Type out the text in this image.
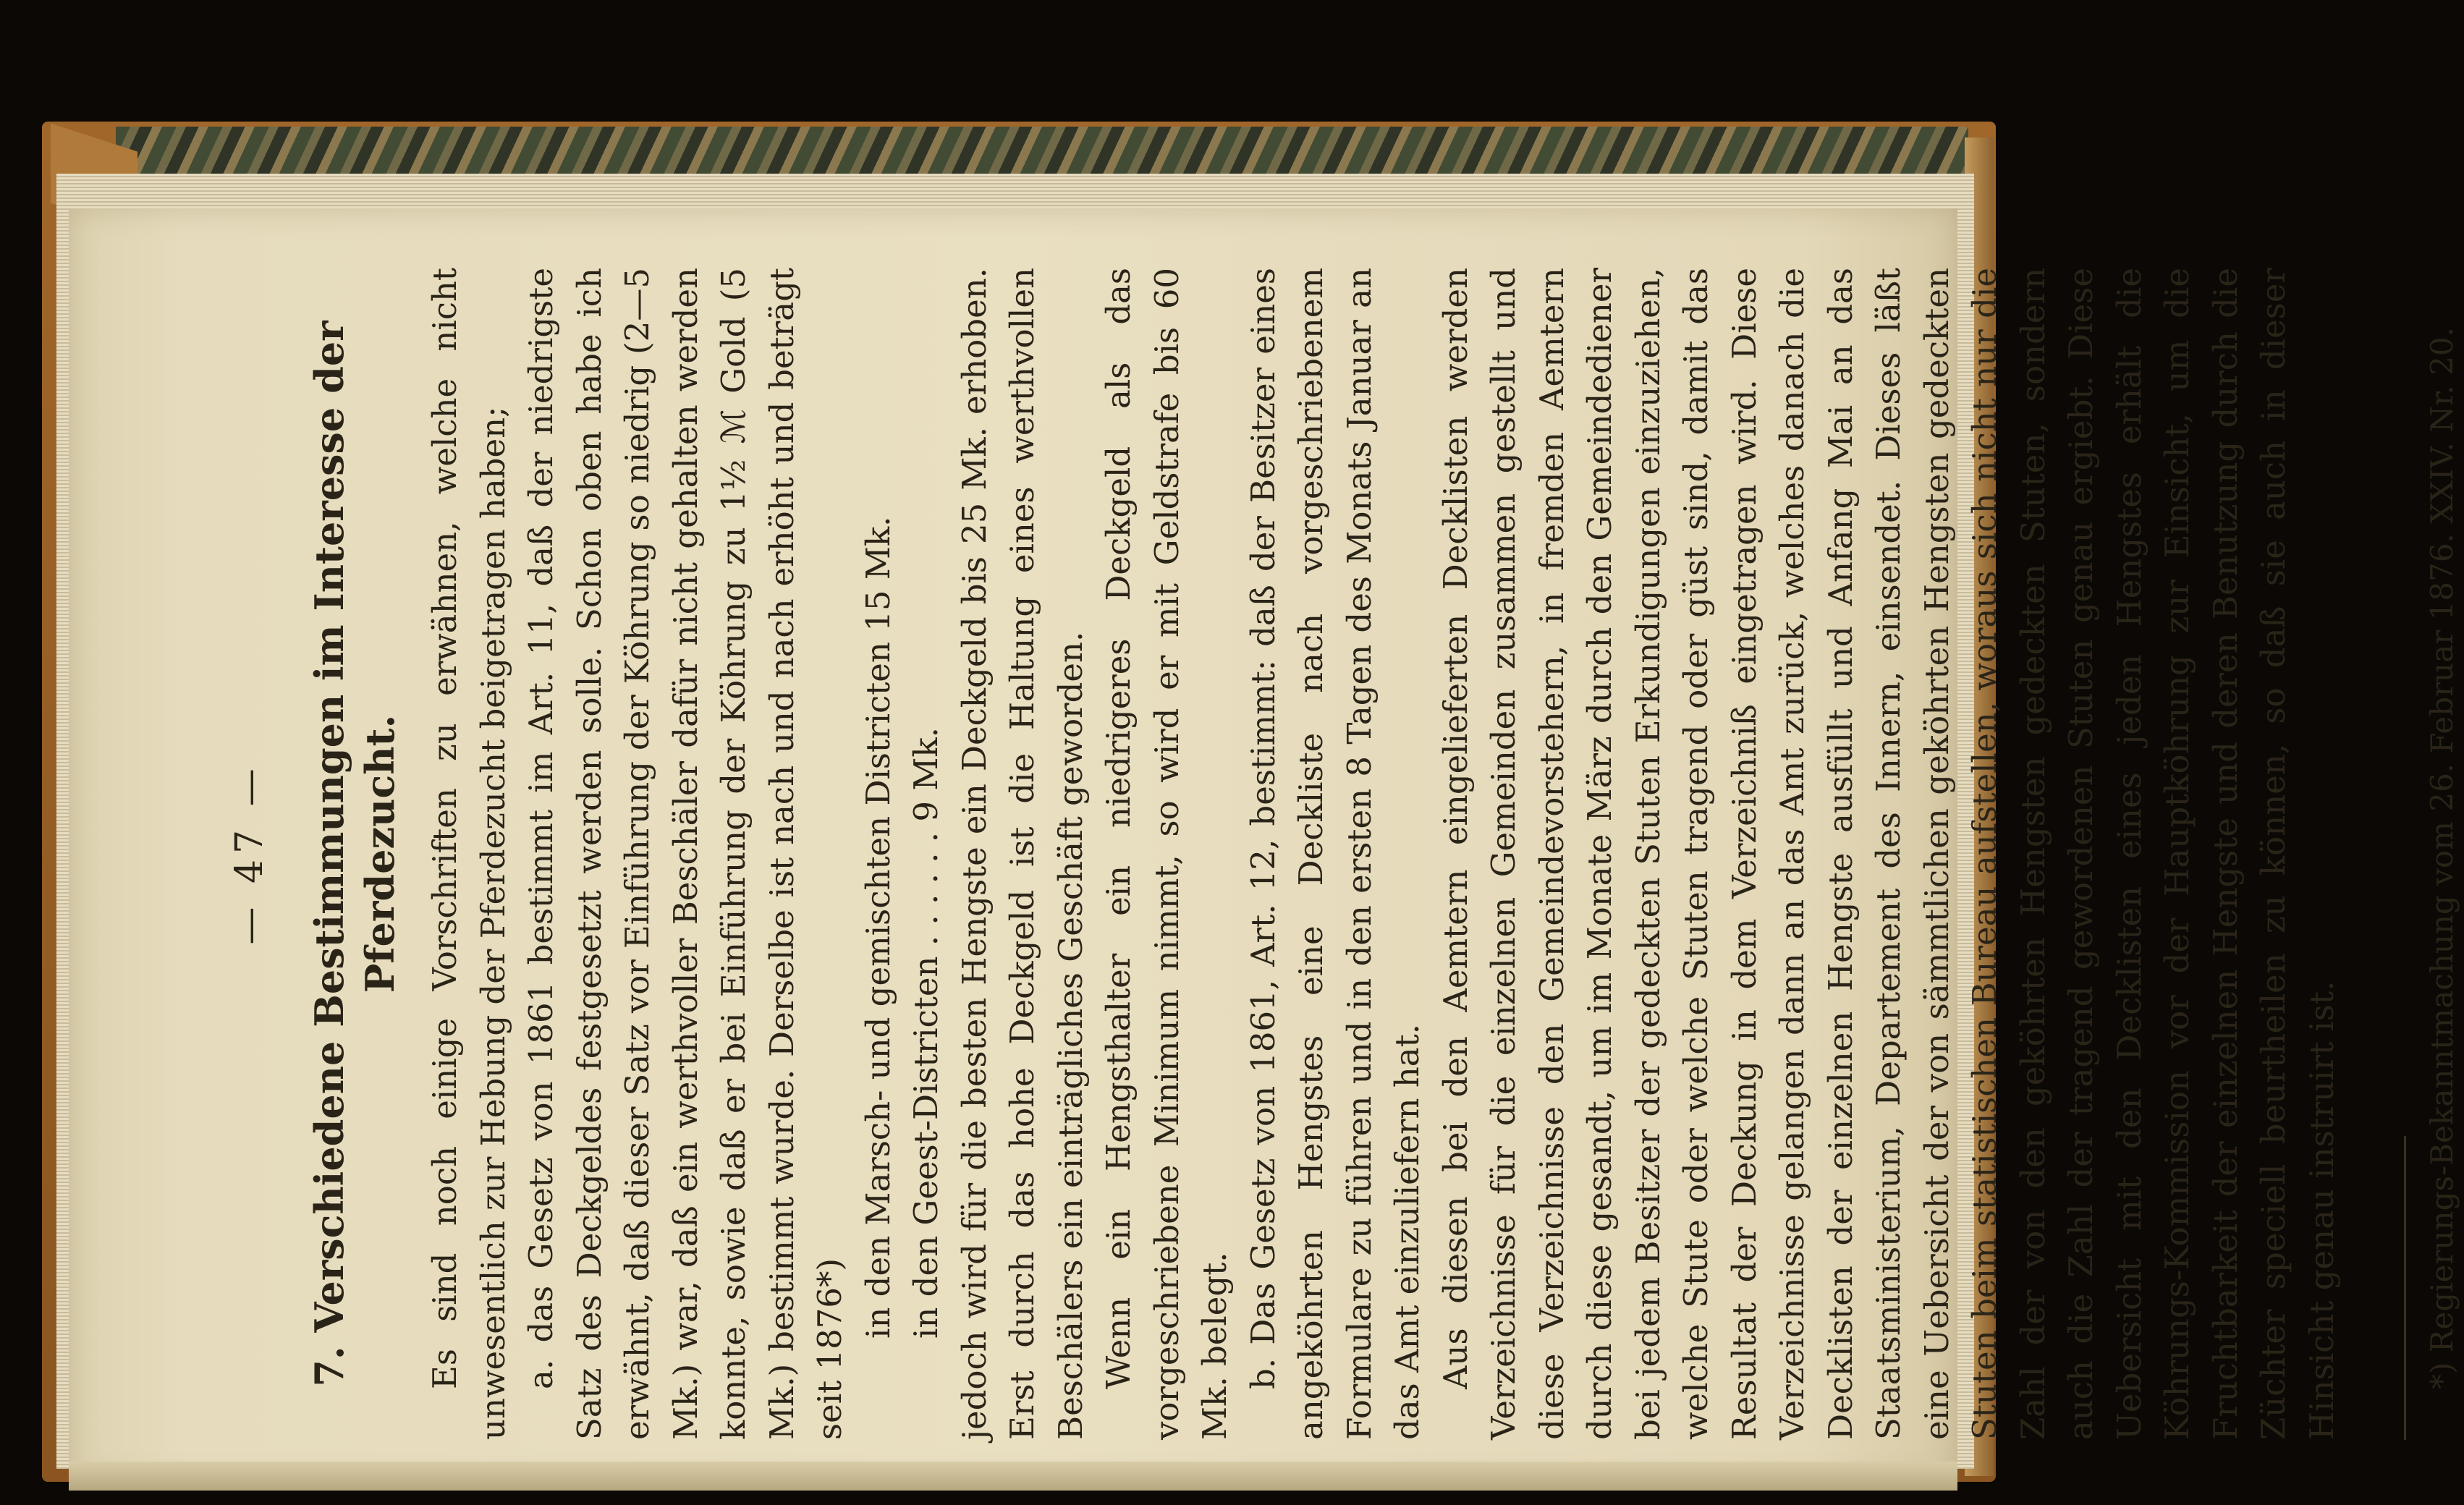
— 47 — 7. Verschiedene Bestimmungen im Interesse der Pferdezucht. Es sind noch einige Vorschriften zu erwähnen, welche nicht unwesentlich zur Hebung der Pferdezucht beigetragen haben; a. das Gesetz von 1861 bestimmt im Art. 11, daß der niedrigste Satz des Deckgeldes festgesetzt werden solle. Schon oben habe ich erwähnt, daß dieser Satz vor Einführung der Köhrung so niedrig (2—5 Mk.) war, daß ein werthvoller Beschäler dafür nicht gehalten werden konnte, sowie daß er bei Einführung der Köhrung zu 1½ ℳ Gold (5 Mk.) bestimmt wurde. Derselbe ist nach und nach erhöht und beträgt seit 1876*)

in den Marsch- und gemischten Districten 15 Mk. in den Geest-Districten . . . . . . 9 Mk. jedoch wird für die besten Hengste ein Deckgeld bis 25 Mk. erhoben. Erst durch das hohe Deckgeld ist die Haltung eines werthvollen Beschälers ein einträgliches Geschäft geworden. Wenn ein Hengsthalter ein niedrigeres Deckgeld als das vorgeschriebene Minimum nimmt, so wird er mit Geldstrafe bis 60 Mk. belegt. b. Das Gesetz von 1861, Art. 12, bestimmt: daß der Besitzer eines angeköhrten Hengstes eine Deckliste nach vorgeschriebenem Formulare zu führen und in den ersten 8 Tagen des Monats Januar an das Amt einzuliefern hat. Aus diesen bei den Aemtern eingelieferten Decklisten werden Verzeichnisse für die einzelnen Gemeinden zusammen gestellt und diese Verzeichnisse den Gemeindevorstehern, in fremden Aemtern durch diese gesandt, um im Monate März durch den Gemeindediener bei jedem Besitzer der gedeckten Stuten Erkundigungen einzuziehen, welche Stute oder welche Stuten tragend oder güst sind, damit das Resultat der Deckung in dem Verzeichniß eingetragen wird. Diese Verzeichnisse gelangen dann an das Amt zurück, welches danach die Decklisten der einzelnen Hengste ausfüllt und Anfang Mai an das Staatsministerium, Departement des Innern, einsendet. Dieses läßt eine Uebersicht der von sämmtlichen geköhrten Hengsten gedeckten Stuten beim statistischen Bureau aufstellen, woraus sich nicht nur die Zahl der von den geköhrten Hengsten gedeckten Stuten, sondern auch die Zahl der tragend gewordenen Stuten genau ergiebt. Diese Uebersicht mit den Decklisten eines jeden Hengstes erhält die Köhrungs-Kommission vor der Hauptköhrung zur Einsicht, um die Fruchtbarkeit der einzelnen Hengste und deren Benutzung durch die Züchter speciell beurtheilen zu können, so daß sie auch in dieser Hinsicht genau instruirt ist.	*) Regierungs-Bekanntmachung vom 26. Februar 1876. XXIV. Nr. 20.
